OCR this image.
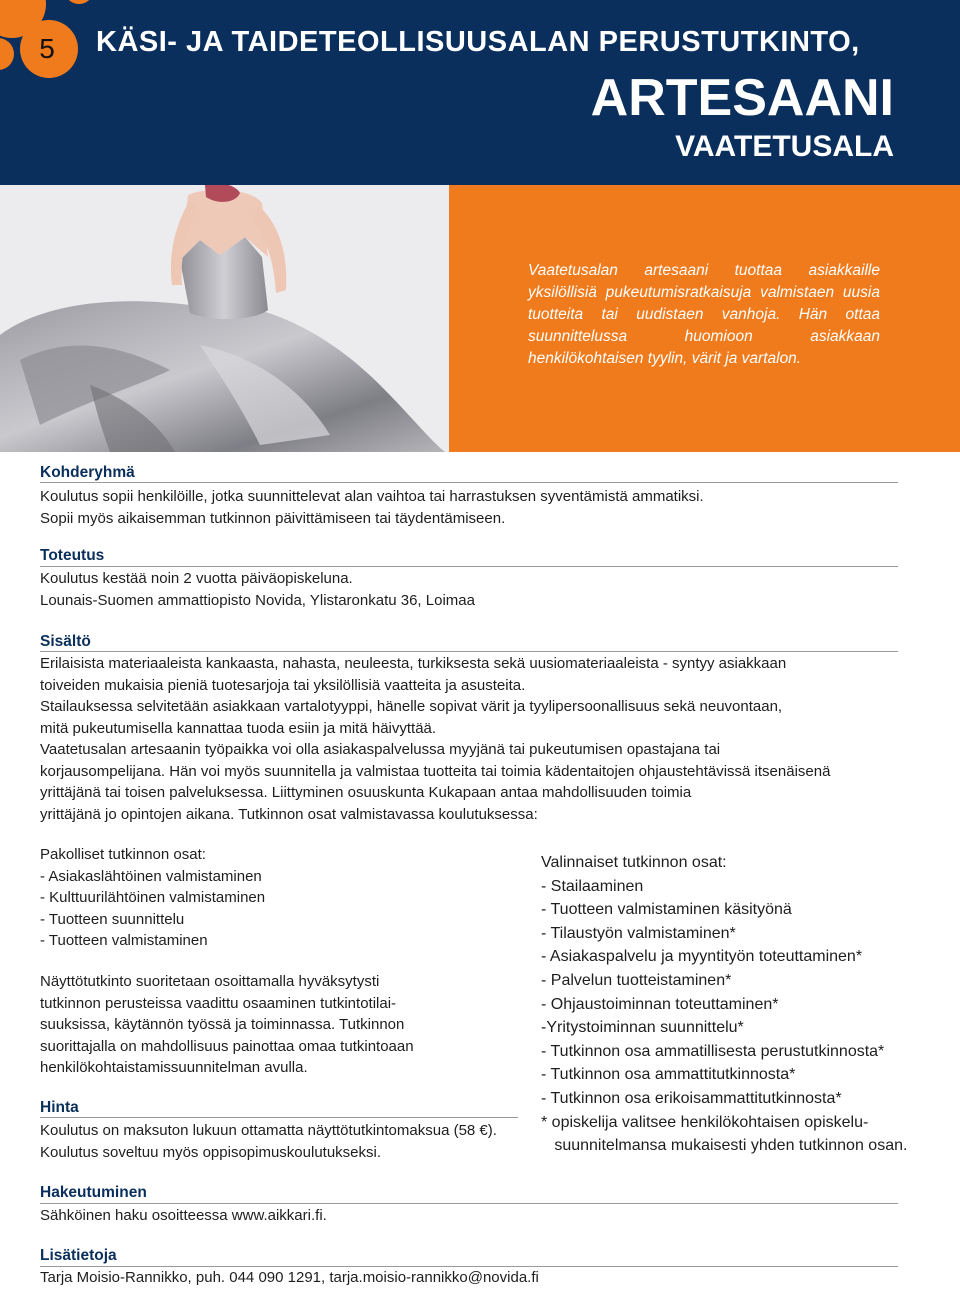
5 KÄSI- JA TAIDETEOLLISUUSALAN PERUSTUTKINTO,
ARTESAANI
VAATETUSALA
Vaatetusalan artesaani tuottaa asiakkaille yksilöllisiä pukeutumisratkaisuja valmistaen uusia tuotteita tai uudistaen vanhoja. Hän ottaa suunnittelussa huomioon asiakkaan henkilökohtaisen tyylin, värit ja vartalon.
Kohderyhmä
Koulutus sopii henkilöille, jotka suunnittelevat alan vaihtoa tai harrastuksen syventämistä ammatiksi.
Sopii myös aikaisemman tutkinnon päivittämiseen tai täydentämiseen.
Toteutus
Koulutus kestää noin 2 vuotta päiväopiskeluna.
Lounais-Suomen ammattiopisto Novida, Ylistaronkatu 36, Loimaa
Sisältö
Erilaisista materiaaleista kankaasta, nahasta, neuleesta, turkiksesta sekä uusiomateriaaleista - syntyy asiakkaan
toiveiden mukaisia pieniä tuotesarjoja tai yksilöllisiä vaatteita ja asusteita.
Stailauksessa selvitetään asiakkaan vartalotyyppi, hänelle sopivat värit ja tyylipersoonallisuus sekä neuvontaan,
mitä pukeutumisella kannattaa tuoda esiin ja mitä häivyttää.
Vaatetusalan artesaanin työpaikka voi olla asiakaspalvelussa myyjänä tai pukeutumisen opastajana tai
korjausompelijana. Hän voi myös suunnitella ja valmistaa tuotteita tai toimia kädentaitojen ohjaustehtävissä itsenäisenä
yrittäjänä tai toisen palveluksessa. Liittyminen osuuskunta Kukapaan antaa mahdollisuuden toimia
yrittäjänä jo opintojen aikana. Tutkinnon osat valmistavassa koulutuksessa:
Pakolliset tutkinnon osat:
- Asiakaslähtöinen valmistaminen
- Kulttuurilähtöinen valmistaminen
- Tuotteen suunnittelu
- Tuotteen valmistaminen
Näyttötutkinto suoritetaan osoittamalla hyväksytysti
tutkinnon perusteissa vaadittu osaaminen tutkintotilai-
suuksissa, käytännön työssä ja toiminnassa. Tutkinnon
suorittajalla on mahdollisuus painottaa omaa tutkintoaan
henkilökohtaistamissuunnitelman avulla.
Valinnaiset tutkinnon osat:
- Stailaaminen
- Tuotteen valmistaminen käsityönä
- Tilaustyön valmistaminen*
- Asiakaspalvelu ja myyntityön toteuttaminen*
- Palvelun tuotteistaminen*
- Ohjaustoiminnan toteuttaminen*
-Yritystoiminnan suunnittelu*
- Tutkinnon osa ammatillisesta perustutkinnosta*
- Tutkinnon osa ammattitutkinnosta*
- Tutkinnon osa erikoisammattitutkinnosta*
* opiskelija valitsee henkilökohtaisen opiskelu-
suunnitelmansa mukaisesti yhden tutkinnon osan.
Hinta
Koulutus on maksuton lukuun ottamatta näyttötutkintomaksua (58 €).
Koulutus soveltuu myös oppisopimuskoulutukseksi.
Hakeutuminen
Sähköinen haku osoitteessa www.aikkari.fi.
Lisätietoja
Tarja Moisio-Rannikko, puh. 044 090 1291, tarja.moisio-rannikko@novida.fi
